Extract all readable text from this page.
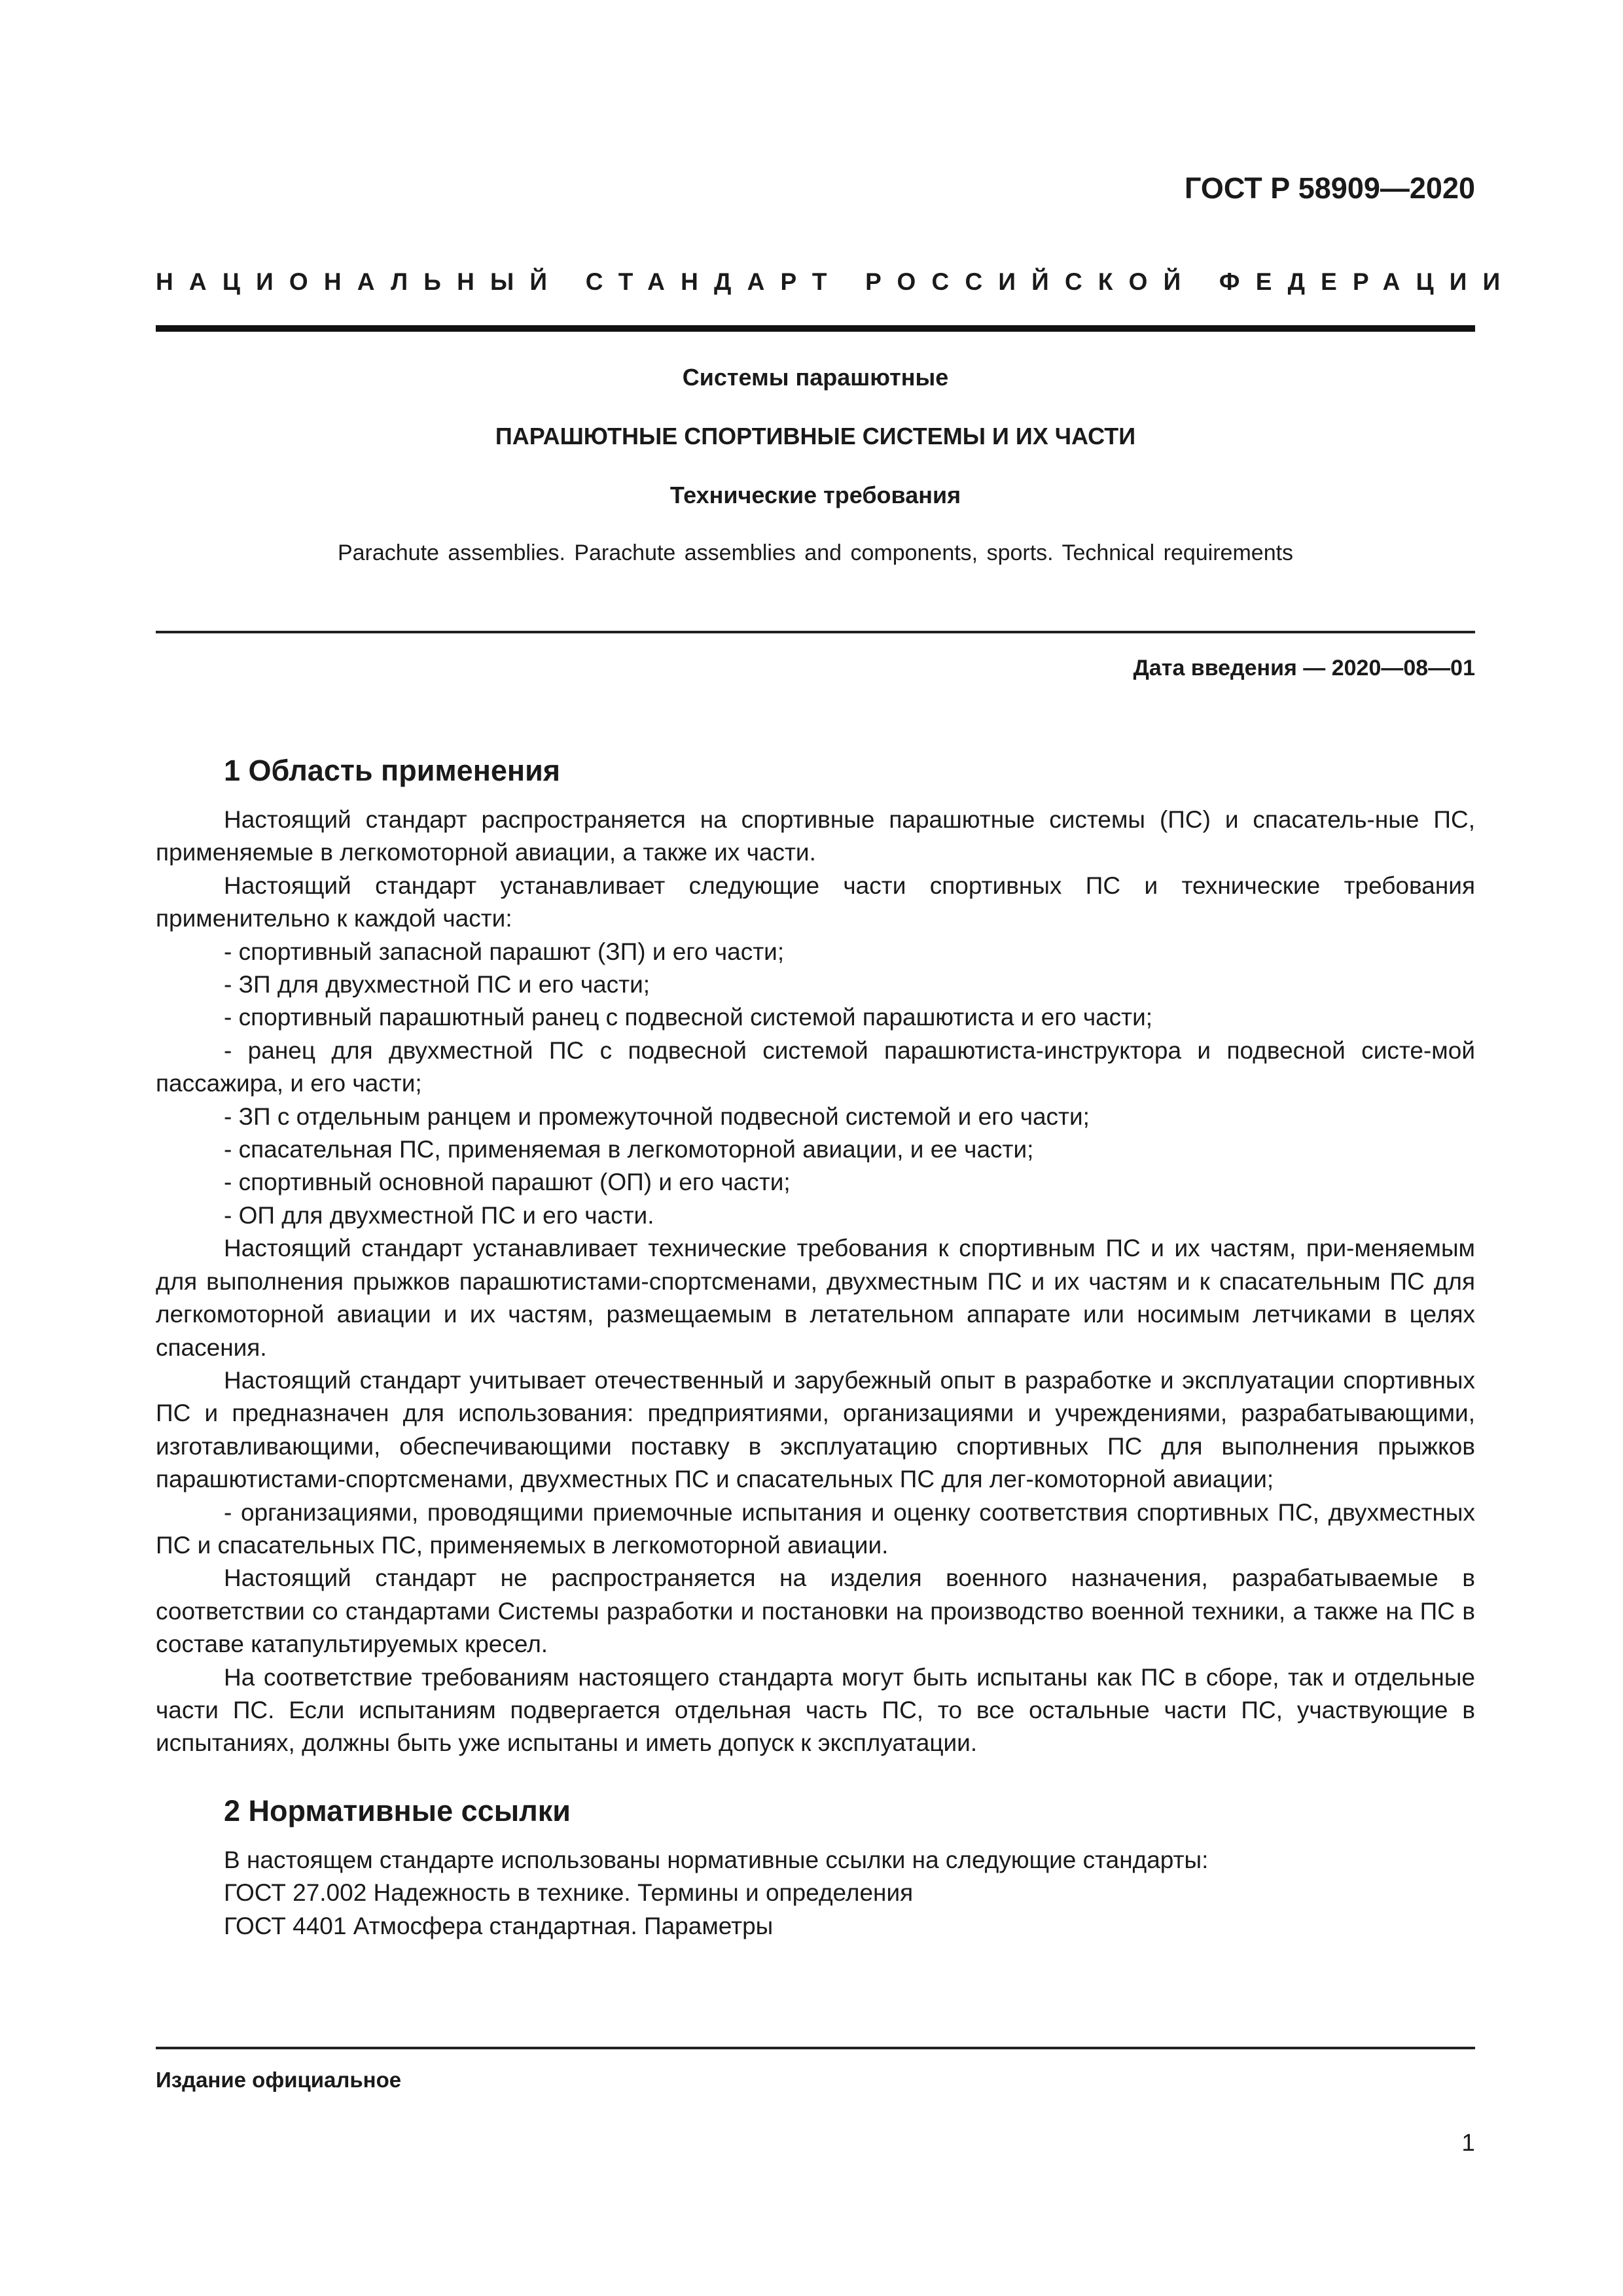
ГОСТ Р 58909—2020

НАЦИОНАЛЬНЫЙ СТАНДАРТ РОССИЙСКОЙ ФЕДЕРАЦИИ

Системы парашютные

ПАРАШЮТНЫЕ СПОРТИВНЫЕ СИСТЕМЫ И ИХ ЧАСТИ

Технические требования

Parachute assemblies. Parachute assemblies and components, sports. Technical requirements

Дата введения — 2020—08—01

1 Область применения

Настоящий стандарт распространяется на спортивные парашютные системы (ПС) и спасатель-ные ПС, применяемые в легкомоторной авиации, а также их части.

Настоящий стандарт устанавливает следующие части спортивных ПС и технические требования применительно к каждой части:

- спортивный запасной парашют (ЗП) и его части;

- ЗП для двухместной ПС и его части;

- спортивный парашютный ранец с подвесной системой парашютиста и его части;

- ранец для двухместной ПС с подвесной системой парашютиста-инструктора и подвесной систе-мой пассажира, и его части;

- ЗП с отдельным ранцем и промежуточной подвесной системой и его части;

- спасательная ПС, применяемая в легкомоторной авиации, и ее части;

- спортивный основной парашют (ОП) и его части;

- ОП для двухместной ПС и его части.

Настоящий стандарт устанавливает технические требования к спортивным ПС и их частям, при-меняемым для выполнения прыжков парашютистами-спортсменами, двухместным ПС и их частям и к спасательным ПС для легкомоторной авиации и их частям, размещаемым в летательном аппарате или носимым летчиками в целях спасения.

Настоящий стандарт учитывает отечественный и зарубежный опыт в разработке и эксплуатации спортивных ПС и предназначен для использования: предприятиями, организациями и учреждениями, разрабатывающими, изготавливающими, обеспечивающими поставку в эксплуатацию спортивных ПС для выполнения прыжков парашютистами-спортсменами, двухместных ПС и спасательных ПС для лег-комоторной авиации;

- организациями, проводящими приемочные испытания и оценку соответствия спортивных ПС, двухместных ПС и спасательных ПС, применяемых в легкомоторной авиации.

Настоящий стандарт не распространяется на изделия военного назначения, разрабатываемые в соответствии со стандартами Системы разработки и постановки на производство военной техники, а также на ПС в составе катапультируемых кресел.

На соответствие требованиям настоящего стандарта могут быть испытаны как ПС в сборе, так и отдельные части ПС. Если испытаниям подвергается отдельная часть ПС, то все остальные части ПС, участвующие в испытаниях, должны быть уже испытаны и иметь допуск к эксплуатации.

2 Нормативные ссылки

В настоящем стандарте использованы нормативные ссылки на следующие стандарты:

ГОСТ 27.002 Надежность в технике. Термины и определения

ГОСТ 4401 Атмосфера стандартная. Параметры

Издание официальное

1
